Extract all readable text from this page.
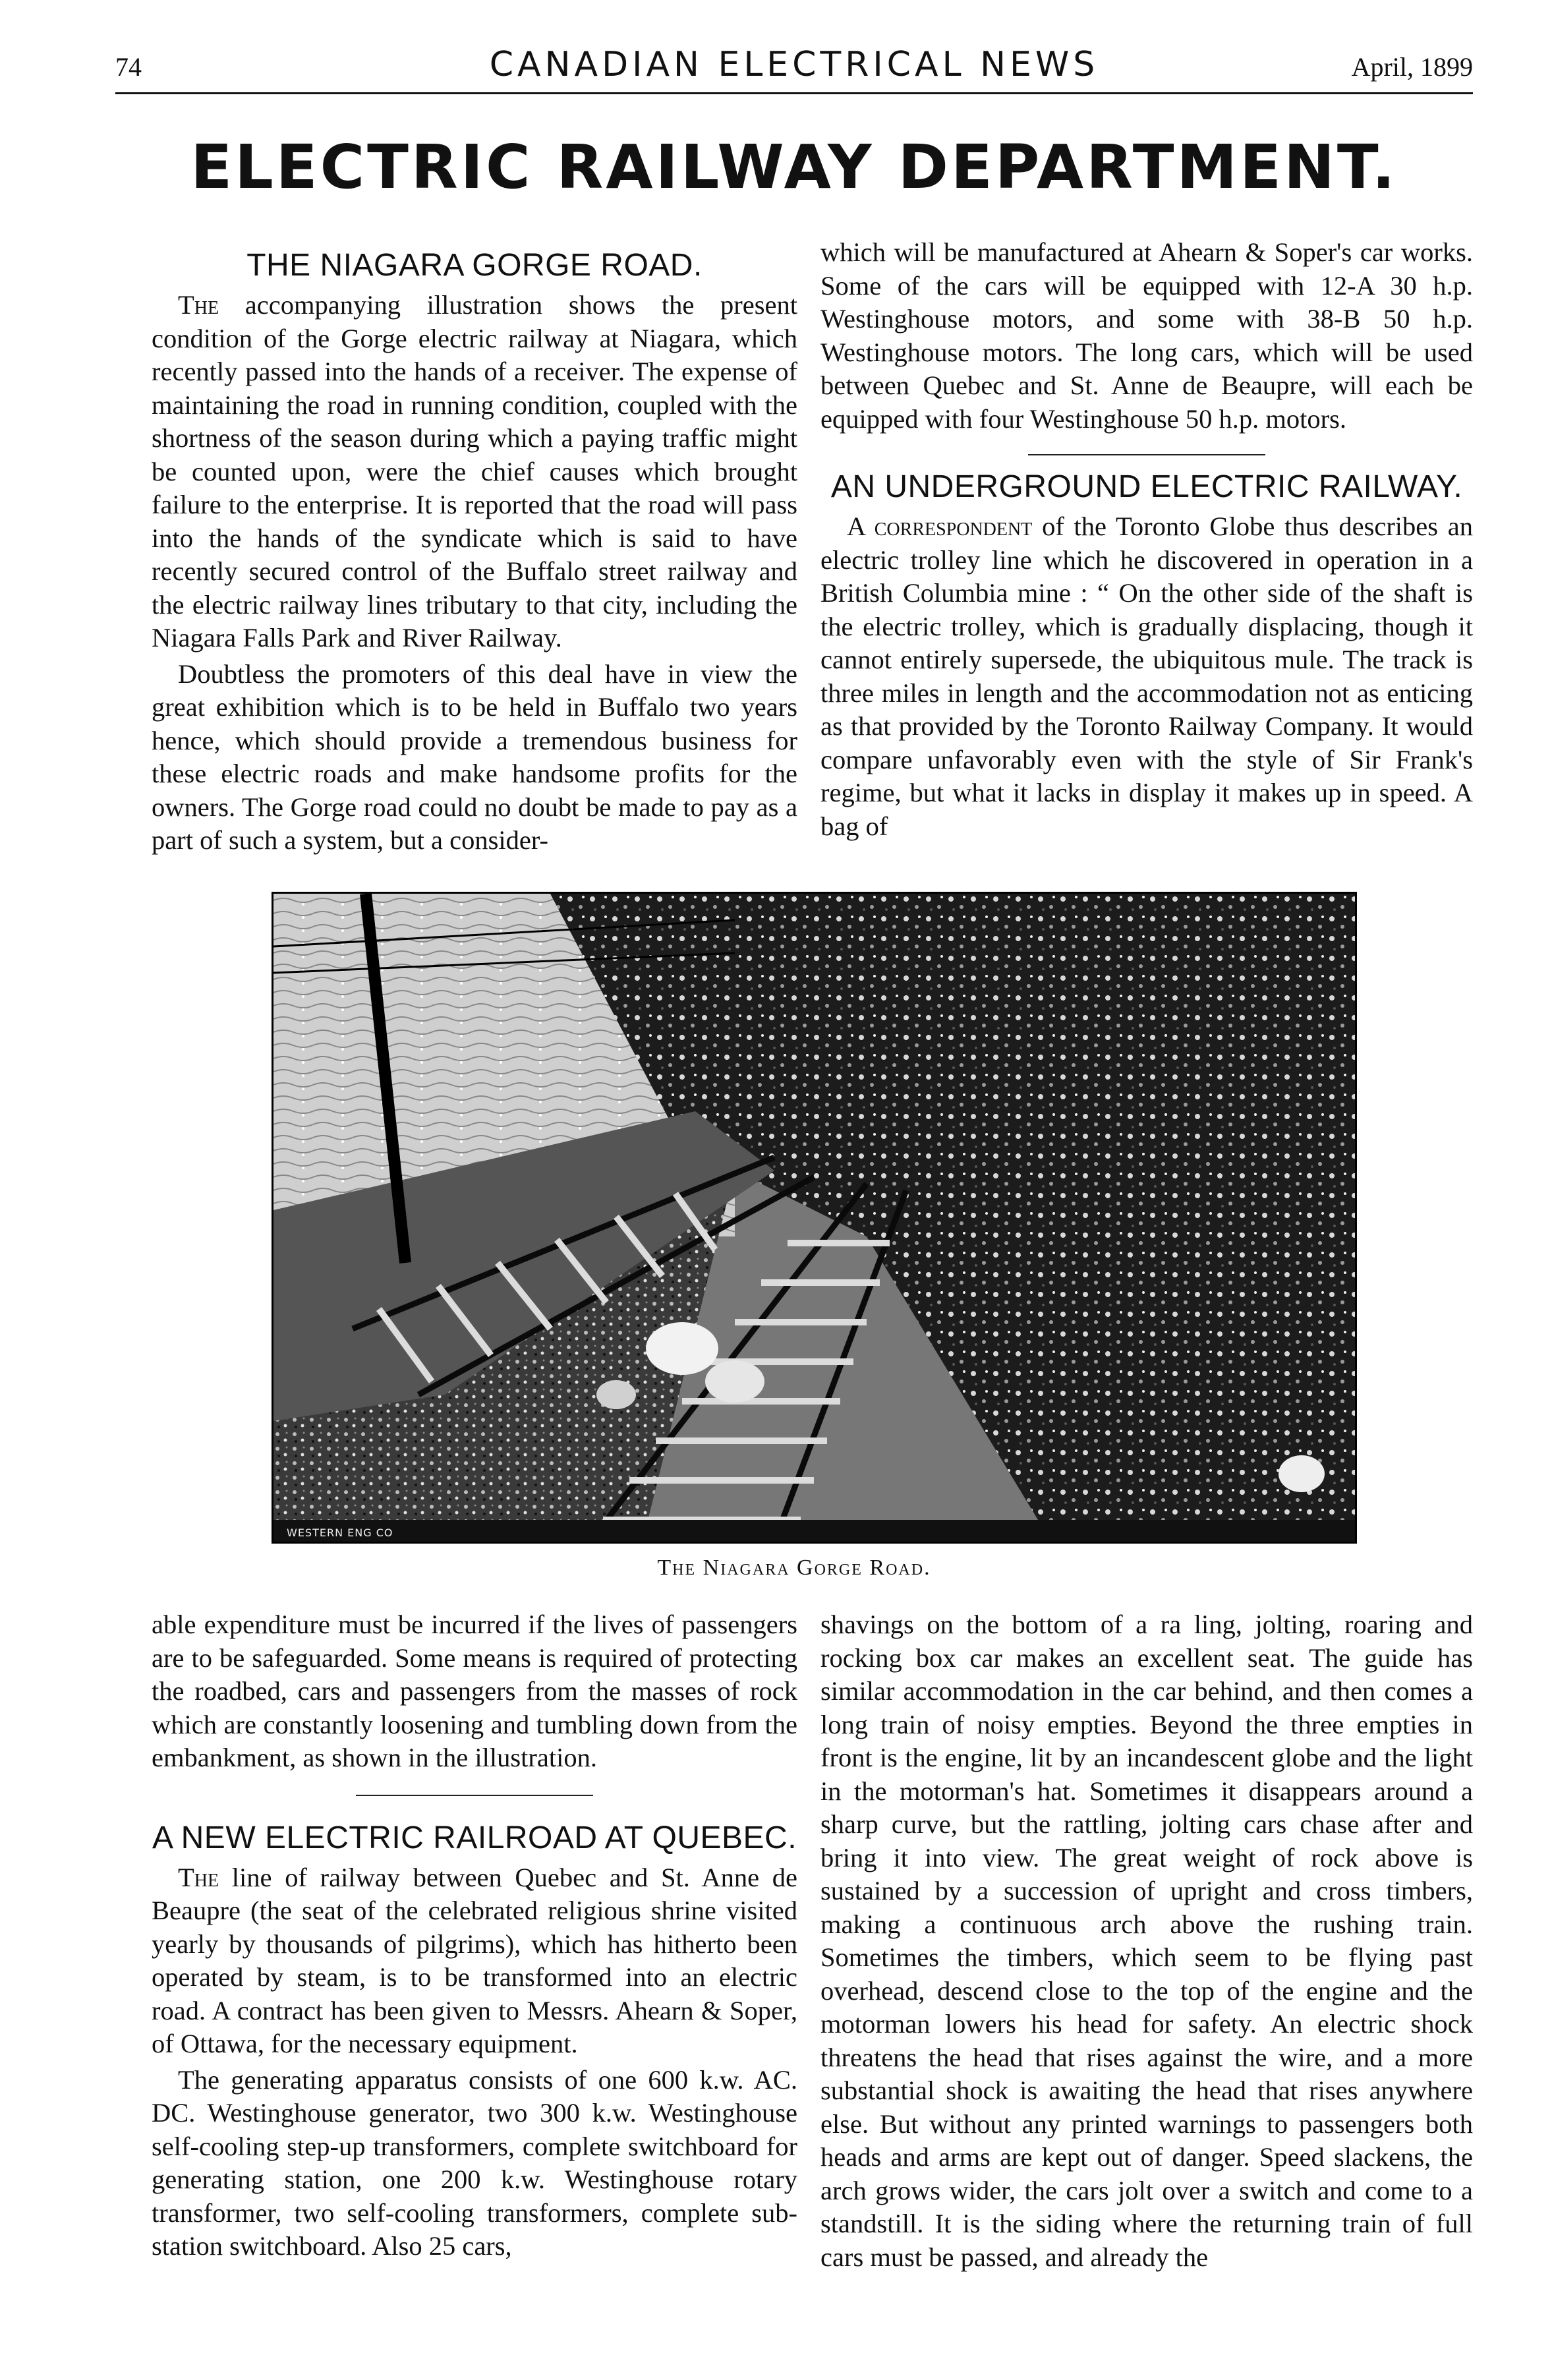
74	CANADIAN ELECTRICAL NEWS	April, 1899
ELECTRIC RAILWAY DEPARTMENT.
THE NIAGARA GORGE ROAD.

The accompanying illustration shows the present condition of the Gorge electric railway at Niagara, which recently passed into the hands of a receiver. The expense of maintaining the road in running condition, coupled with the shortness of the season during which a paying traffic might be counted upon, were the chief causes which brought failure to the enterprise. It is reported that the road will pass into the hands of the syndicate which is said to have recently secured control of the Buffalo street railway and the electric railway lines tributary to that city, including the Niagara Falls Park and River Railway.

Doubtless the promoters of this deal have in view the great exhibition which is to be held in Buffalo two years hence, which should provide a tremendous business for these electric roads and make handsome profits for the owners. The Gorge road could no doubt be made to pay as a part of such a system, but a consider-

which will be manufactured at Ahearn & Soper's car works. Some of the cars will be equipped with 12-A 30 h.p. Westinghouse motors, and some with 38-B 50 h.p. Westinghouse motors. The long cars, which will be used between Quebec and St. Anne de Beaupre, will each be equipped with four Westinghouse 50 h.p. motors.

AN UNDERGROUND ELECTRIC RAILWAY.

A correspondent of the Toronto Globe thus describes an electric trolley line which he discovered in operation in a British Columbia mine : “ On the other side of the shaft is the electric trolley, which is gradually displacing, though it cannot entirely supersede, the ubiquitous mule. The track is three miles in length and the accommodation not as enticing as that provided by the Toronto Railway Company. It would compare unfavorably even with the style of Sir Frank's regime, but what it lacks in display it makes up in speed. A bag of

WESTERN ENG CO
The Niagara Gorge Road.

able expenditure must be incurred if the lives of passengers are to be safeguarded. Some means is required of protecting the roadbed, cars and passengers from the masses of rock which are constantly loosening and tumbling down from the embankment, as shown in the illustration.

A NEW ELECTRIC RAILROAD AT QUEBEC.

The line of railway between Quebec and St. Anne de Beaupre (the seat of the celebrated religious shrine visited yearly by thousands of pilgrims), which has hitherto been operated by steam, is to be transformed into an electric road. A contract has been given to Messrs. Ahearn & Soper, of Ottawa, for the necessary equipment.

The generating apparatus consists of one 600 k.w. AC. DC. Westinghouse generator, two 300 k.w. Westinghouse self-cooling step-up transformers, complete switchboard for generating station, one 200 k.w. Westinghouse rotary transformer, two self-cooling transformers, complete sub-station switchboard. Also 25 cars,

shavings on the bottom of a ra ling, jolting, roaring and rocking box car makes an excellent seat. The guide has similar accommodation in the car behind, and then comes a long train of noisy empties. Beyond the three empties in front is the engine, lit by an incandescent globe and the light in the motorman's hat. Sometimes it disappears around a sharp curve, but the rattling, jolting cars chase after and bring it into view. The great weight of rock above is sustained by a succession of upright and cross timbers, making a continuous arch above the rushing train. Sometimes the timbers, which seem to be flying past overhead, descend close to the top of the engine and the motorman lowers his head for safety. An electric shock threatens the head that rises against the wire, and a more substantial shock is awaiting the head that rises anywhere else. But without any printed warnings to passengers both heads and arms are kept out of danger. Speed slackens, the arch grows wider, the cars jolt over a switch and come to a standstill. It is the siding where the returning train of full cars must be passed, and already the
